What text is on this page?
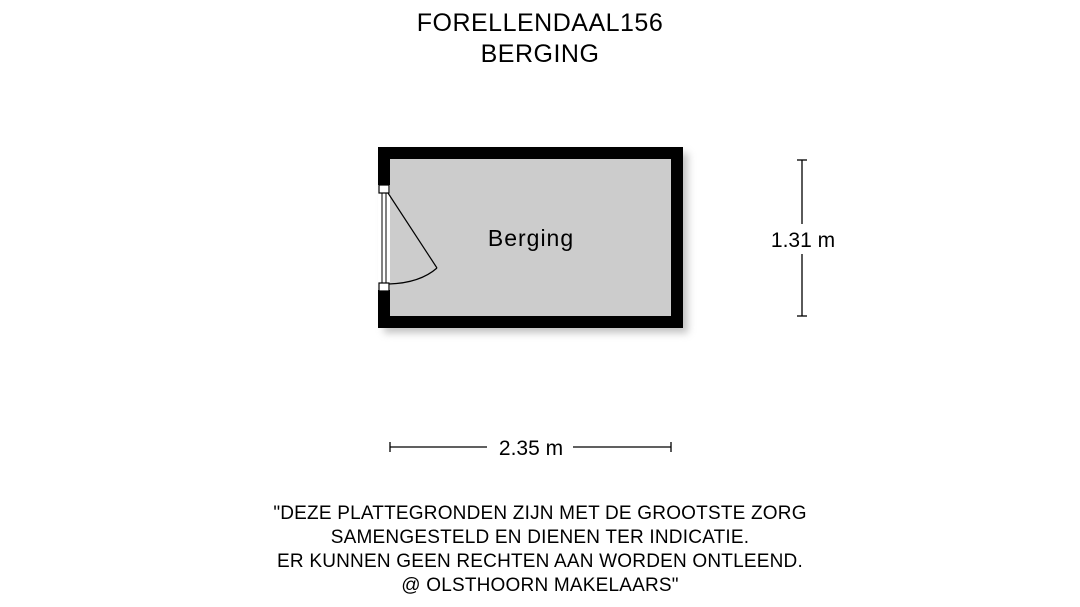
FORELLENDAAL156
BERGING
Berging	1.31 m
2.35 m
"DEZE PLATTEGRONDEN ZIJN MET DE GROOTSTE ZORG
SAMENGESTELD EN DIENEN TER INDICATIE.
ER KUNNEN GEEN RECHTEN AAN WORDEN ONTLEEND.
@ OLSTHOORN MAKELAARS"
